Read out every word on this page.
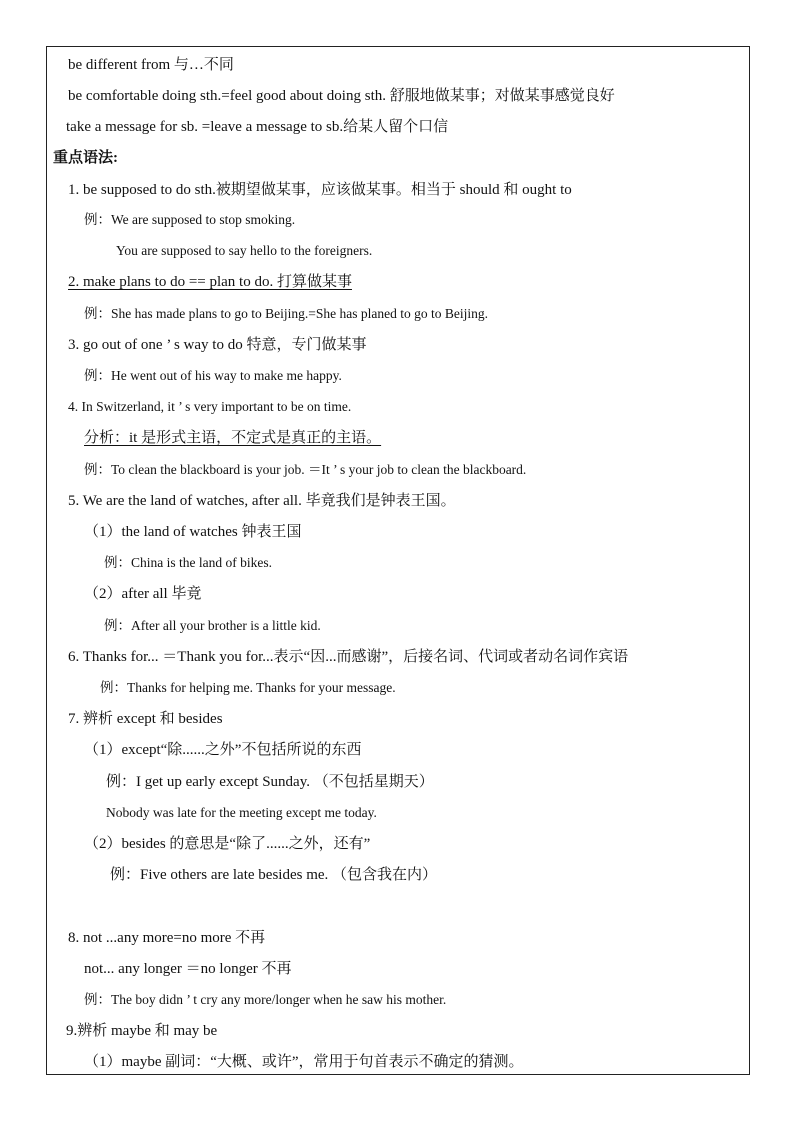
be different from 与…不同
be comfortable doing sth.=feel good about doing sth. 舒服地做某事；对做某事感觉良好
take a message for sb. =leave a message to sb.给某人留个口信
重点语法:
1. be supposed to do sth.被期望做某事，应该做某事。相当于 should 和 ought to
例：We are supposed to stop smoking.
You are supposed to say hello to the foreigners.
2. make plans to do == plan to do. 打算做某事
例：She has made plans to go to Beijing.=She has planed to go to Beijing.
3. go out of one ’ s way to do 特意，专门做某事
例：He went out of his way to make me happy.
4. In Switzerland, it ’ s very important to be on time.
分析：it 是形式主语，不定式是真正的主语。
例：To clean the blackboard is your job. ＝It ’ s your job to clean the blackboard.
5. We are the land of watches, after all. 毕竟我们是钟表王国。
（1）the land of watches 钟表王国
例：China is the land of bikes.
（2）after all 毕竟
例：After all your brother is a little kid.
6. Thanks for... ＝Thank you for...表示“因...而感谢”，后接名词、代词或者动名词作宾语
例：Thanks for helping me. Thanks for your message.
7. 辨析 except 和 besides
（1）except“除......之外”不包括所说的东西
例：I get up early except Sunday. （不包括星期天）
Nobody was late for the meeting except me today.
（2）besides 的意思是“除了......之外，还有”
例：Five others are late besides me. （包含我在内）
8. not ...any more=no more 不再
not... any longer ＝no longer 不再
例：The boy didn ’ t cry any more/longer when he saw his mother.
9.辨析 maybe 和 may be
（1）maybe 副词：“大概、或许”，常用于句首表示不确定的猜测。
